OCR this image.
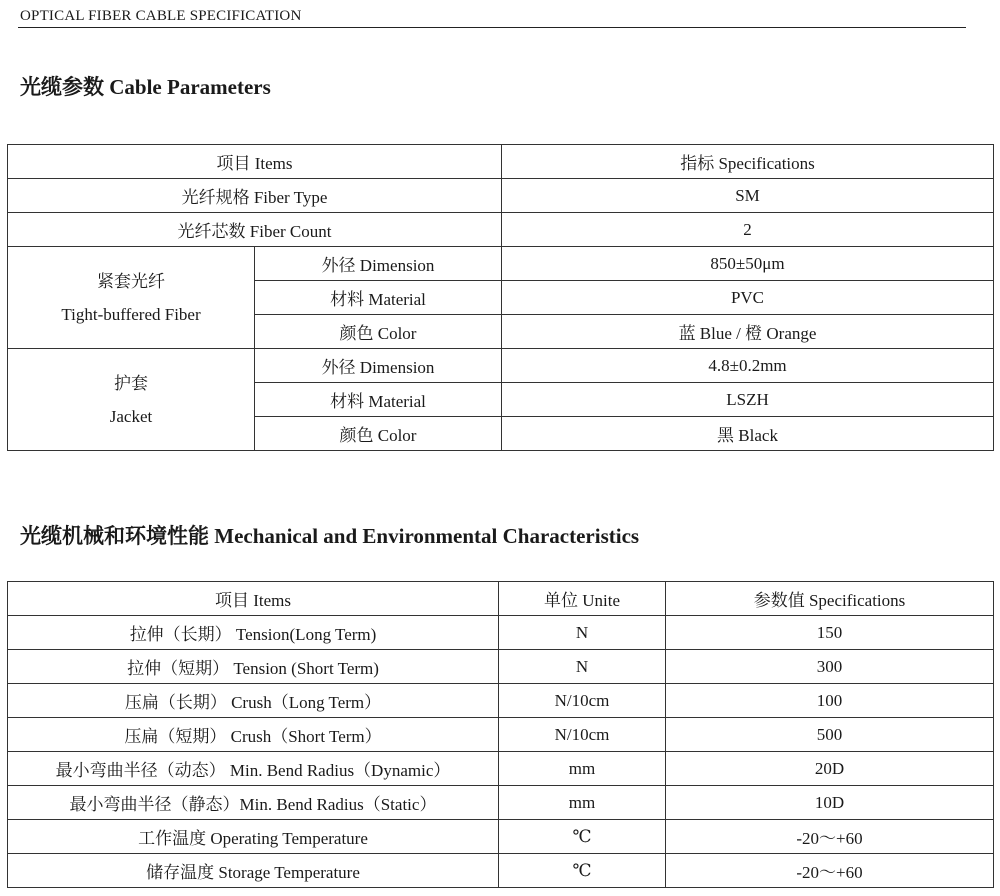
OPTICAL FIBER CABLE SPECIFICATION
光缆参数 Cable Parameters
项目 Items		指标 Specifications
光纤规格 Fiber Type		SM
光纤芯数 Fiber Count		2

紧套光纤
Tight-buffered Fiber	外径 Dimension	850±50μm
	材料 Material	PVC
	颜色 Color	蓝 Blue / 橙 Orange

护套
Jacket	外径 Dimension	4.8±0.2mm
	材料 Material	LSZH
	颜色 Color	黑 Black
光缆机械和环境性能 Mechanical and Environmental Characteristics
项目 Items	单位 Unite	参数值 Specifications
拉伸（长期） Tension(Long Term)	N	150
拉伸（短期） Tension (Short Term)	N	300
压扁（长期） Crush（Long Term）	N/10cm	100
压扁（短期） Crush（Short Term）	N/10cm	500
最小弯曲半径（动态） Min. Bend Radius（Dynamic）	mm	20D
最小弯曲半径（静态）Min. Bend Radius（Static）	mm	10D
工作温度 Operating Temperature	℃	-20～+60
储存温度 Storage Temperature	℃	-20～+60
